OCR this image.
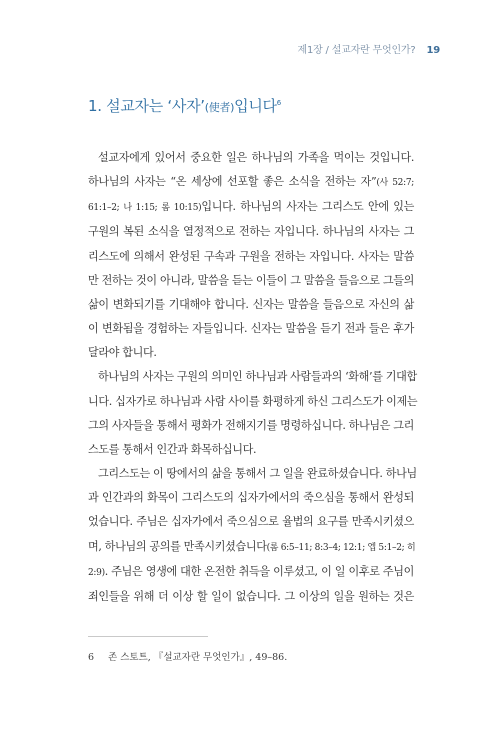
제1장 / 설교자란 무엇인가? 19
1. 설교자는 ‘사자’(使者)입니다$^6$

설교자에게 있어서 중요한 일은 하나님의 가족을 먹이는 것입니다.
하나님의 사자는 “온 세상에 선포할 좋은 소식을 전하는 자”(사 52:7;
61:1–2; 나 1:15; 롬 10:15)입니다. 하나님의 사자는 그리스도 안에 있는
구원의 복된 소식을 열정적으로 전하는 자입니다. 하나님의 사자는 그
리스도에 의해서 완성된 구속과 구원을 전하는 자입니다. 사자는 말씀
만 전하는 것이 아니라, 말씀을 듣는 이들이 그 말씀을 들음으로 그들의
삶이 변화되기를 기대해야 합니다. 신자는 말씀을 들음으로 자신의 삶
이 변화됨을 경험하는 자들입니다. 신자는 말씀을 듣기 전과 들은 후가
달라야 합니다.

하나님의 사자는 구원의 의미인 하나님과 사람들과의 ‘화해’를 기대합
니다. 십자가로 하나님과 사람 사이를 화평하게 하신 그리스도가 이제는
그의 사자들을 통해서 평화가 전해지기를 명령하십니다. 하나님은 그리
스도를 통해서 인간과 화목하십니다.

그리스도는 이 땅에서의 삶을 통해서 그 일을 완료하셨습니다. 하나님
과 인간과의 화목이 그리스도의 십자가에서의 죽으심을 통해서 완성되
었습니다. 주님은 십자가에서 죽으심으로 율법의 요구를 만족시키셨으
며, 하나님의 공의를 만족시키셨습니다(롬 6:5–11; 8:3–4; 12:1; 엡 5:1–2; 히
2:9). 주님은 영생에 대한 온전한 취득을 이루셨고, 이 일 이후로 주님이
죄인들을 위해 더 이상 할 일이 없습니다. 그 이상의 일을 원하는 것은

6 존 스토트, 『설교자란 무엇인가』, 49–86.
